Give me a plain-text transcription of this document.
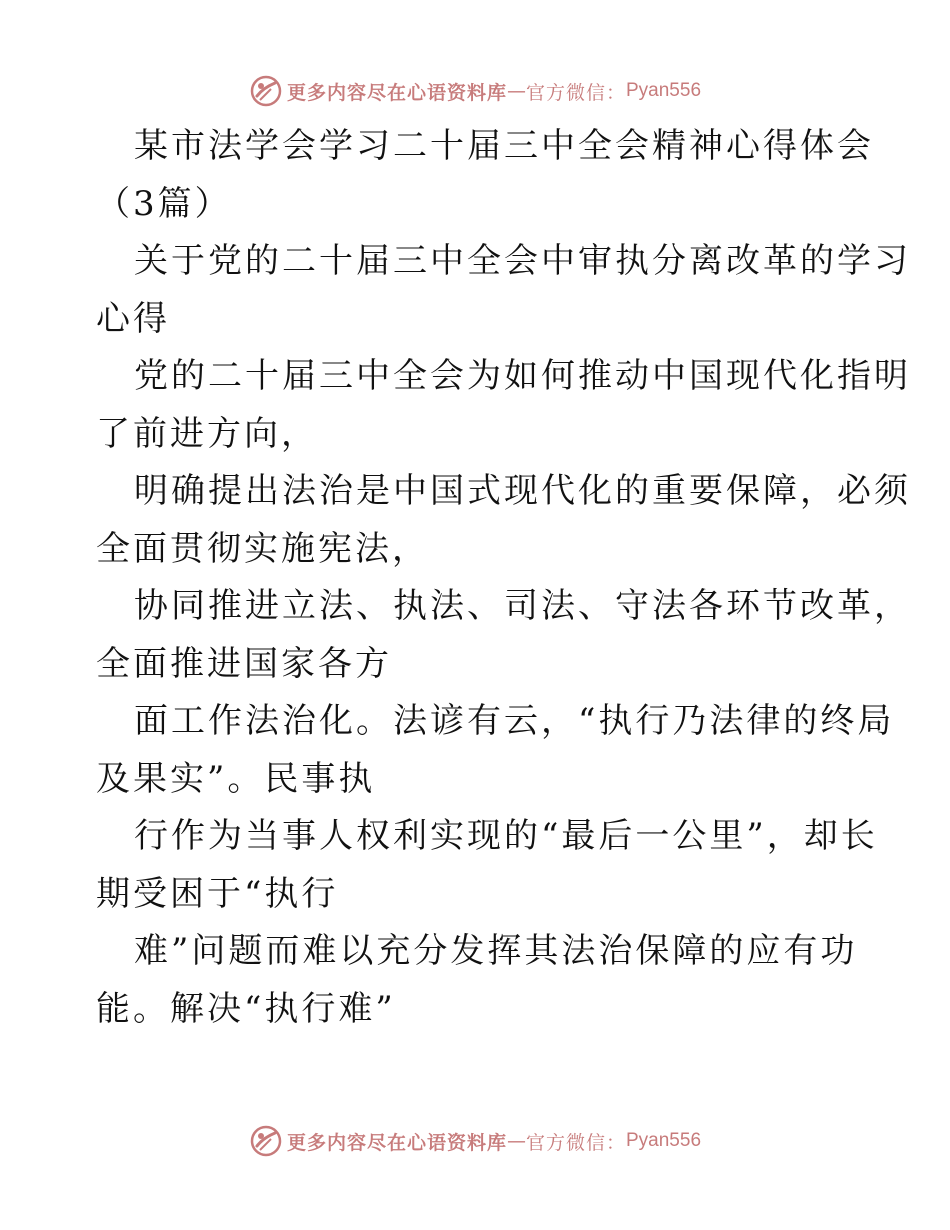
更多内容尽在心语资料库 — 官方微信： Pyan556

某市法学会学习二十届三中全会精神心得体会

（3篇）

关于党的二十届三中全会中审执分离改革的学习

心得

党的二十届三中全会为如何推动中国现代化指明

了前进方向，

明确提出法治是中国式现代化的重要保障，必须

全面贯彻实施宪法，

协同推进立法、执法、司法、守法各环节改革，

全面推进国家各方

面工作法治化。法谚有云，“执行乃法律的终局

及果实”。民事执

行作为当事人权利实现的“最后一公里”，却长

期受困于“执行

难”问题而难以充分发挥其法治保障的应有功

能。解决“执行难”

更多内容尽在心语资料库 — 官方微信： Pyan556
